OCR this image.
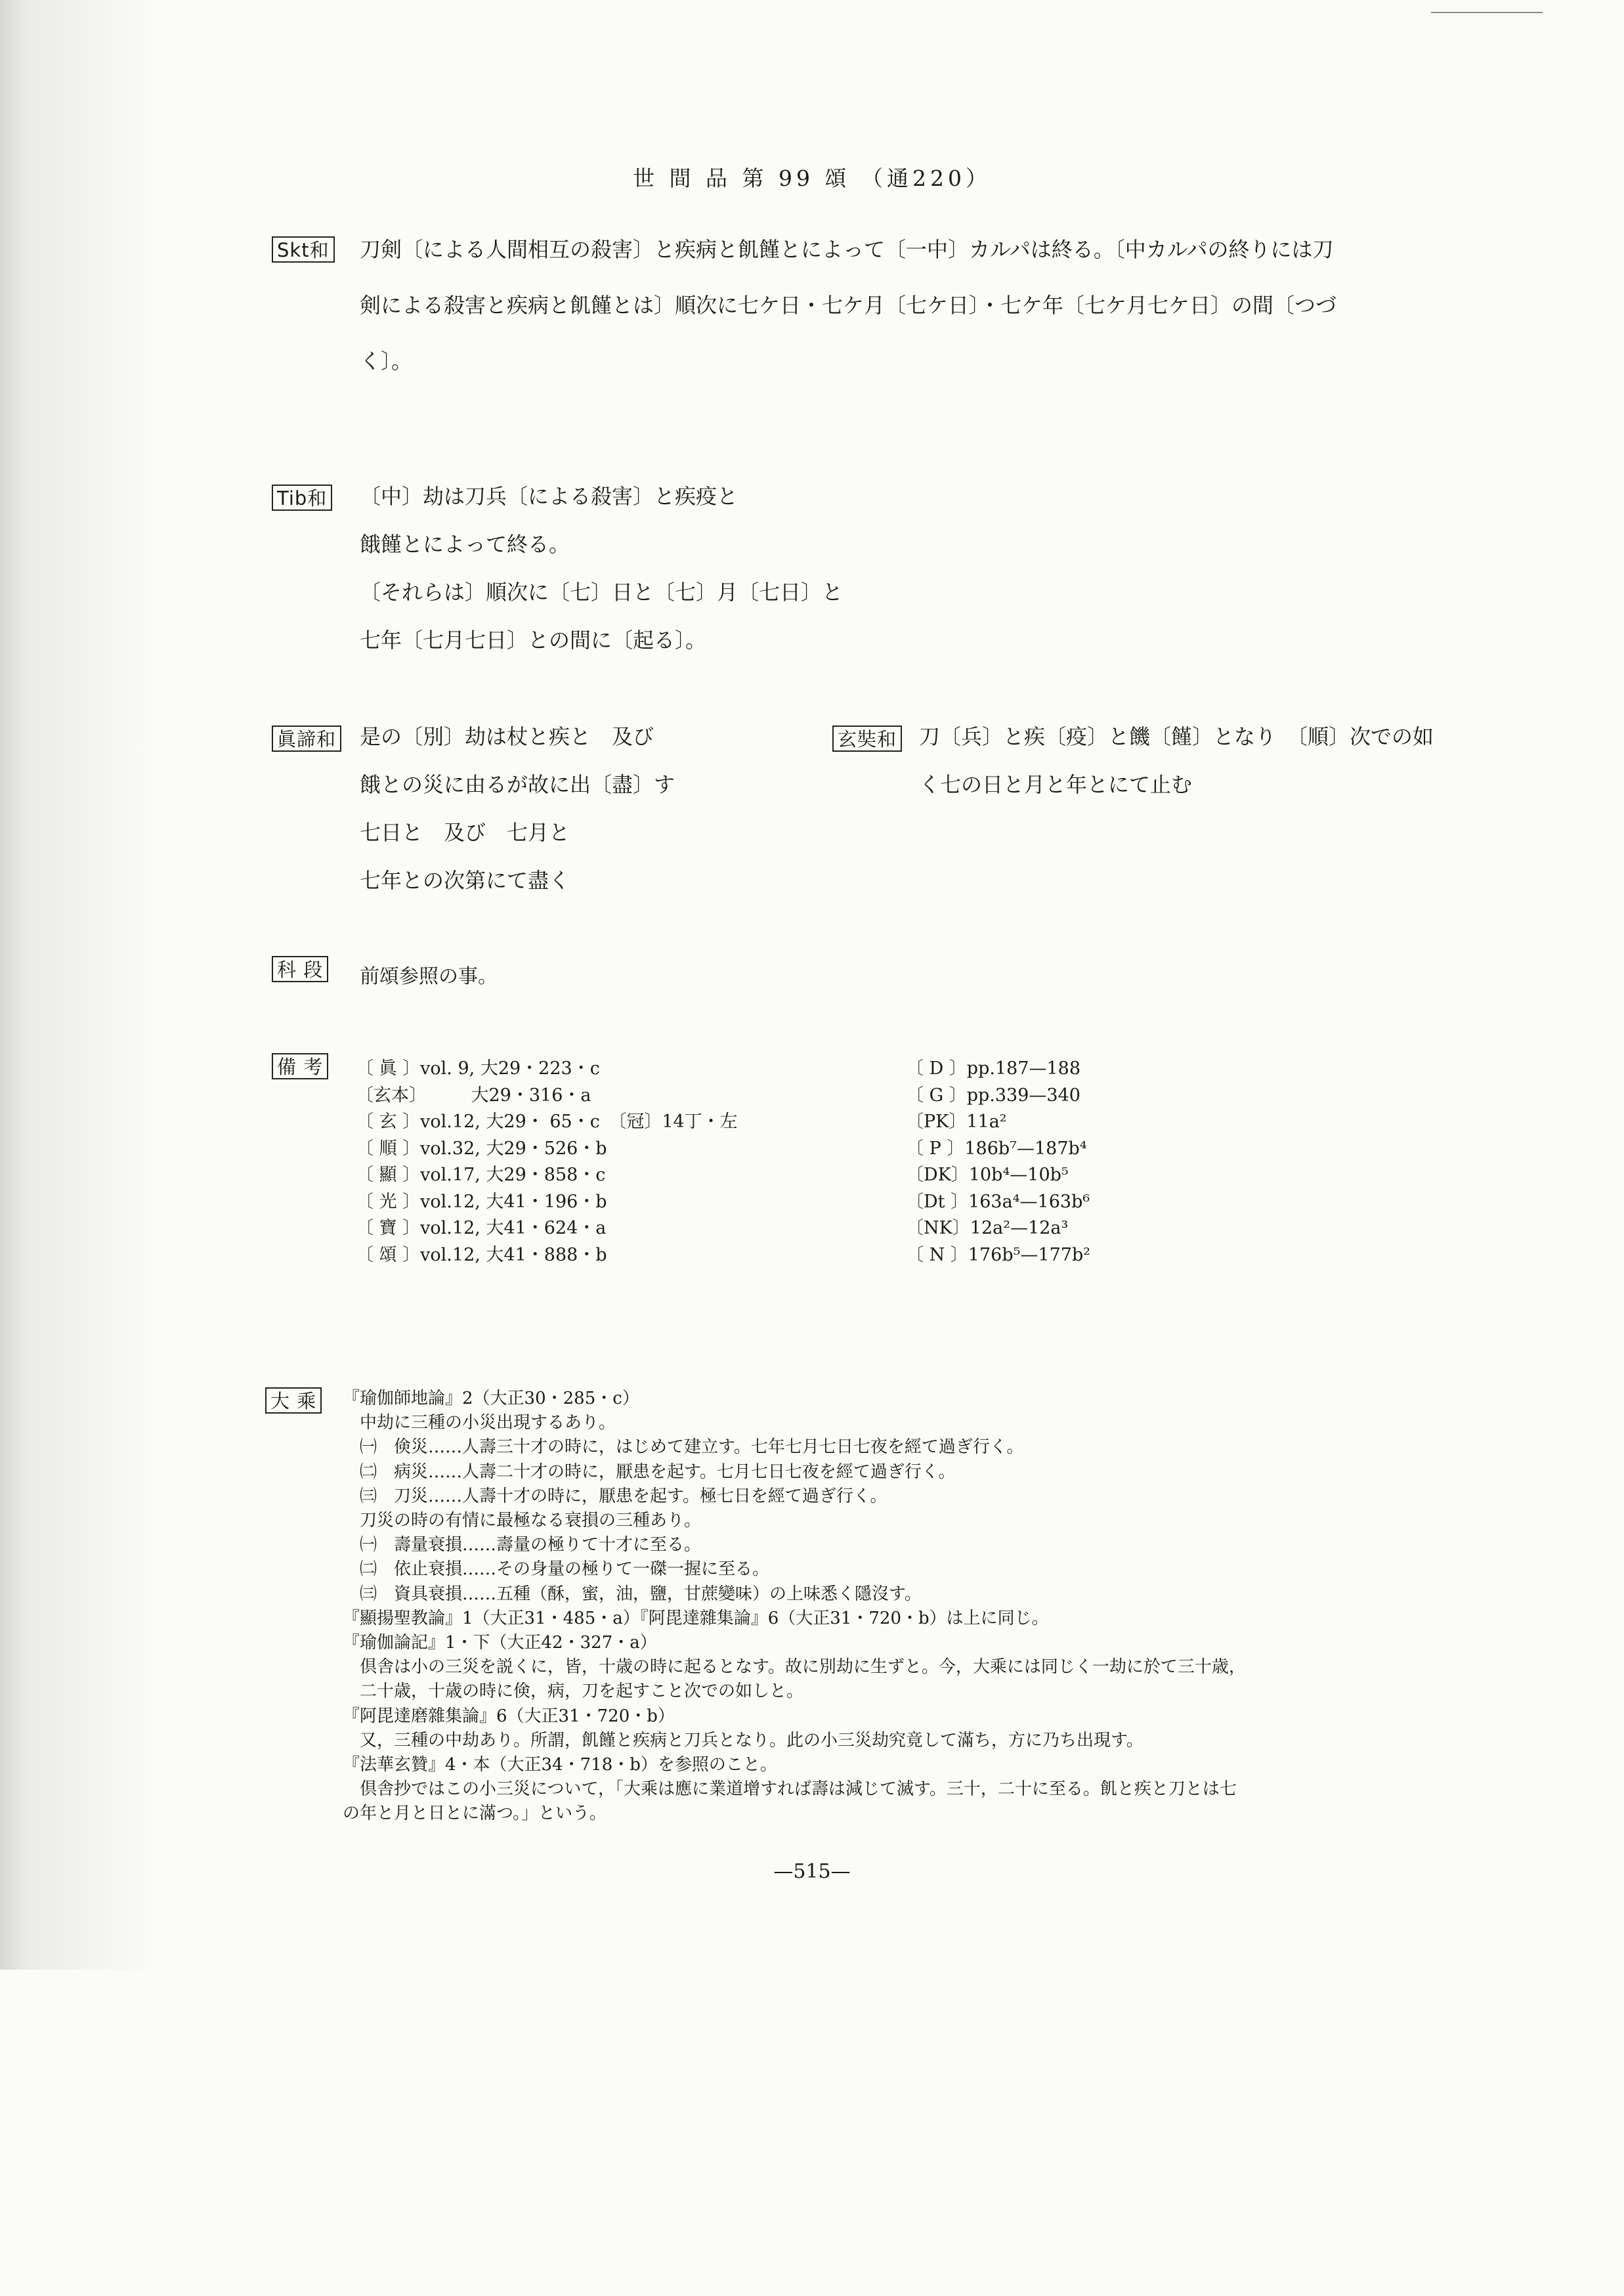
世 間 品 第 99 頌 （通220）
Skt和 刀剣〔による人間相互の殺害〕と疾病と飢饉とによって〔一中〕カルパは終る。〔中カルパの終りには刀
剣による殺害と疾病と飢饉とは〕順次に七ケ日・七ケ月〔七ケ日〕・七ケ年〔七ケ月七ケ日〕の間〔つづ
く〕。
Tib和 〔中〕劫は刀兵〔による殺害〕と疾疫と
餓饉とによって終る。
〔それらは〕順次に〔七〕日と〔七〕月〔七日〕と
七年〔七月七日〕との間に〔起る〕。
眞諦和 是の〔別〕劫は杖と疾と　及び
餓との災に由るが故に出〔盡〕す
七日と　及び　七月と
七年との次第にて盡く
玄奘和 刀〔兵〕と疾〔疫〕と饑〔饉〕となり　〔順〕次での如
く七の日と月と年とにて止む
科 段 前頌参照の事。
備 考 〔 眞 〕vol. 9, 大29・223・c
〔玄本〕　　　大29・316・a
〔 玄 〕vol.12, 大29・ 65・c　〔冠〕14丁・左
〔 順 〕vol.32, 大29・526・b
〔 顯 〕vol.17, 大29・858・c
〔 光 〕vol.12, 大41・196・b
〔 寶 〕vol.12, 大41・624・a
〔 頌 〕vol.12, 大41・888・b
〔 D 〕pp.187—188
〔 G 〕pp.339—340
〔PK〕11a²
〔 P 〕186b⁷—187b⁴
〔DK〕10b⁴—10b⁵
〔Dt 〕163a⁴—163b⁶
〔NK〕12a²—12a³
〔 N 〕176b⁵—177b²
大 乘	『瑜伽師地論』2（大正30・285・c）
　中劫に三種の小災出現するあり。
　㈠　倹災……人壽三十才の時に，はじめて建立す。七年七月七日七夜を經て過ぎ行く。
　㈡　病災……人壽二十才の時に，厭患を起す。七月七日七夜を經て過ぎ行く。
　㈢　刀災……人壽十才の時に，厭患を起す。極七日を經て過ぎ行く。
　刀災の時の有情に最極なる衰損の三種あり。
　㈠　壽量衰損……壽量の極りて十才に至る。
　㈡　依止衰損……その身量の極りて一磔一握に至る。
　㈢　資具衰損……五種（酥，蜜，油，鹽，甘蔗變味）の上味悉く隱沒す。
『顯揚聖教論』1（大正31・485・a）『阿毘達雜集論』6（大正31・720・b）は上に同じ。
『瑜伽論記』1・下（大正42・327・a）
　倶舎は小の三災を説くに，皆，十歳の時に起るとなす。故に別劫に生ずと。今，大乘には同じく一劫に於て三十歳，
　二十歳，十歳の時に倹，病，刀を起すこと次での如しと。
『阿毘達磨雜集論』6（大正31・720・b）
　又，三種の中劫あり。所謂，飢饉と疾病と刀兵となり。此の小三災劫究竟して滿ち，方に乃ち出現す。
『法華玄贊』4・本（大正34・718・b）を参照のこと。
　倶舎抄ではこの小三災について，「大乘は應に業道增すれば壽は減じて滅す。三十，二十に至る。飢と疾と刀とは七
の年と月と日とに滿つ。」という。
—515—
